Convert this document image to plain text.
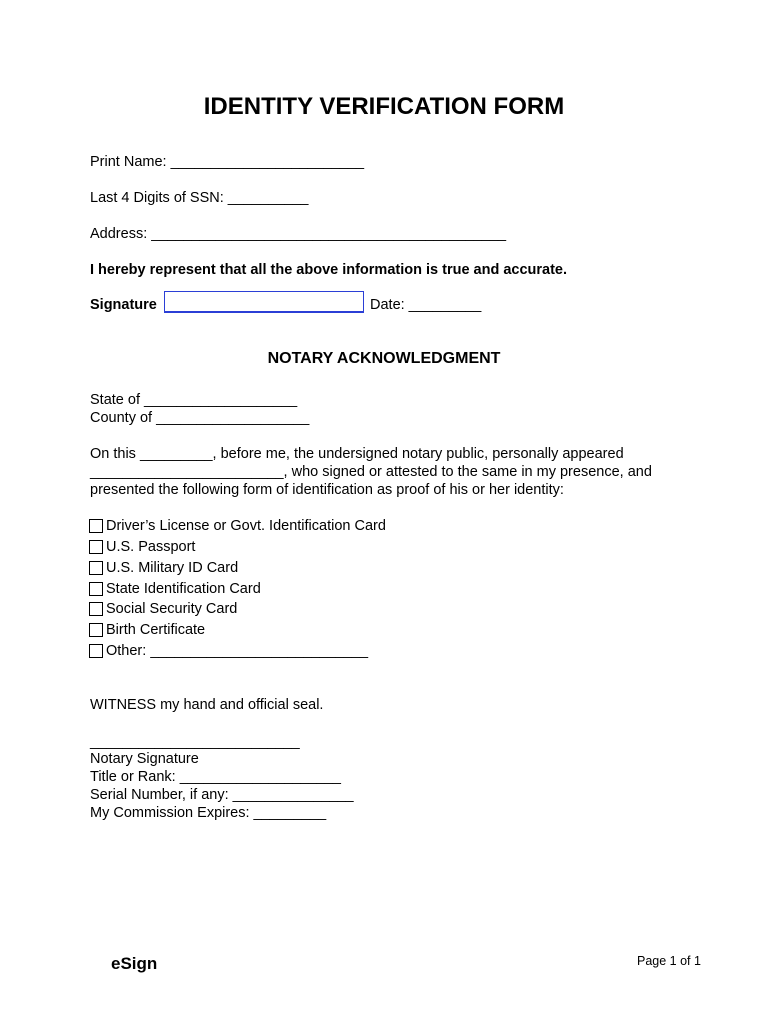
IDENTITY VERIFICATION FORM
Print Name: ________________________
Last 4 Digits of SSN: __________
Address: ____________________________________________
I hereby represent that all the above information is true and accurate.
Signature	Date: _________
NOTARY ACKNOWLEDGMENT
State of ___________________
County of ___________________
On this _________, before me, the undersigned notary public, personally appeared
________________________, who signed or attested to the same in my presence, and
presented the following form of identification as proof of his or her identity:
Driver’s License or Govt. Identification Card
U.S. Passport
U.S. Military ID Card
State Identification Card
Social Security Card
Birth Certificate
Other: ___________________________
WITNESS my hand and official seal.
__________________________
Notary Signature
Title or Rank: ____________________
Serial Number, if any: _______________
My Commission Expires: _________
eSign	Page 1 of 1
